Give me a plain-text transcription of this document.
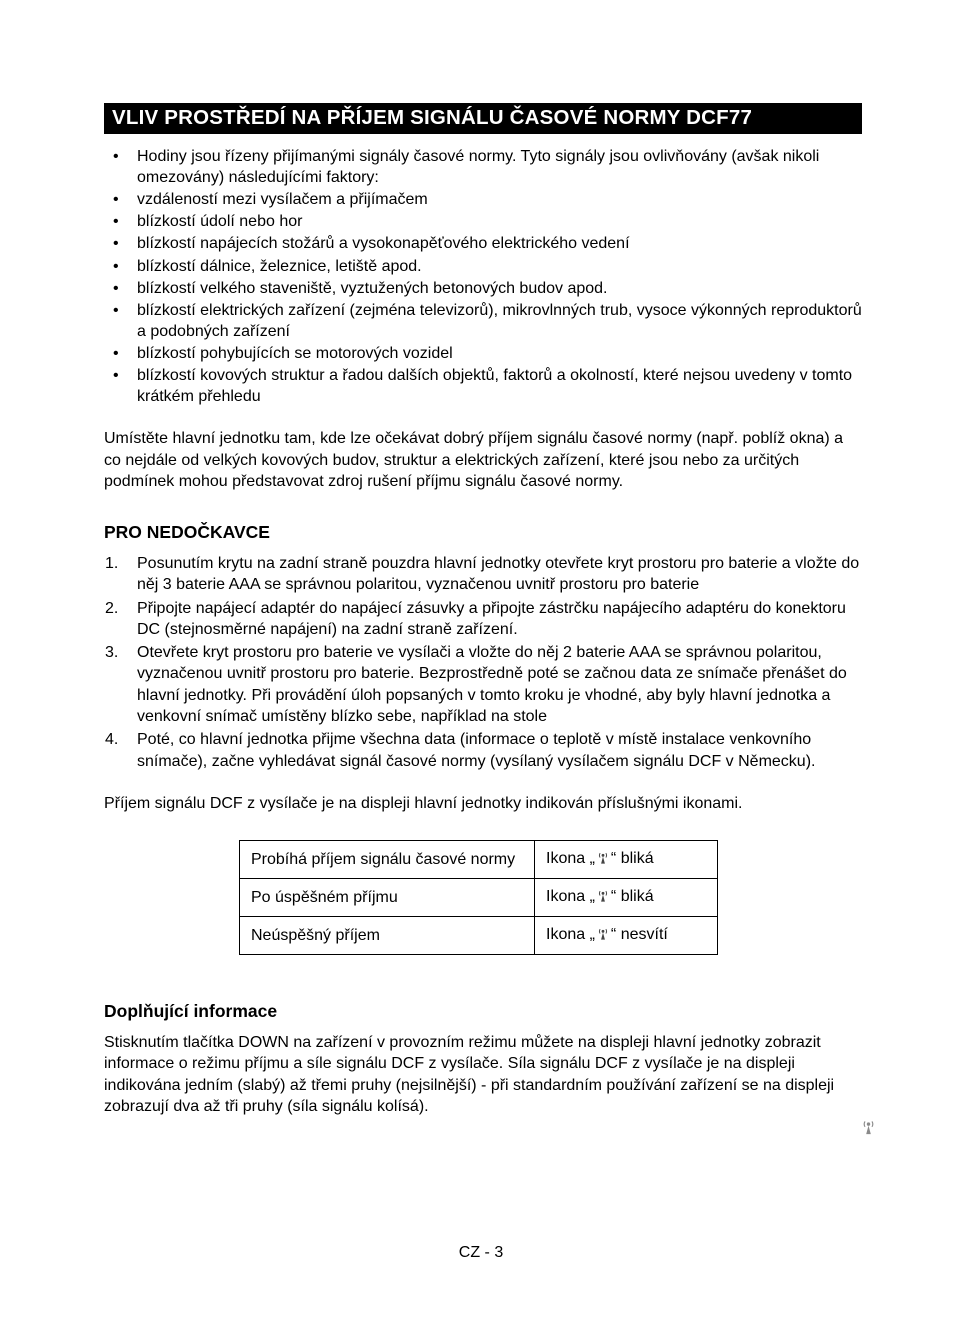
VLIV PROSTŘEDÍ NA PŘÍJEM SIGNÁLU ČASOVÉ NORMY DCF77
• Hodiny jsou řízeny přijímanými signály časové normy. Tyto signály jsou ovlivňovány (avšak nikoli omezovány) následujícími faktory:
• vzdáleností mezi vysílačem a přijímačem
• blízkostí údolí nebo hor
• blízkostí napájecích stožárů a vysokonapěťového elektrického vedení
• blízkostí dálnice, železnice, letiště apod.
• blízkostí velkého staveniště, vyztužených betonových budov apod.
• blízkostí elektrických zařízení (zejména televizorů), mikrovlnných trub, vysoce výkonných reproduktorů a podobných zařízení
• blízkostí pohybujících se motorových vozidel
• blízkostí kovových struktur a řadou dalších objektů, faktorů a okolností, které nejsou uvedeny v tomto krátkém přehledu

Umístěte hlavní jednotku tam, kde lze očekávat dobrý příjem signálu časové normy (např. poblíž okna) a co nejdále od velkých kovových budov, struktur a elektrických zařízení, které jsou nebo za určitých podmínek mohou představovat zdroj rušení příjmu signálu časové normy.

PRO NEDOČKAVCE
Posunutím krytu na zadní straně pouzdra hlavní jednotky otevřete kryt prostoru pro baterie a vložte do něj 3 baterie AAA se správnou polaritou, vyznačenou uvnitř prostoru pro baterie
Připojte napájecí adaptér do napájecí zásuvky a připojte zástrčku napájecího adaptéru do konektoru DC (stejnosměrné napájení) na zadní straně zařízení.
Otevřete kryt prostoru pro baterie ve vysílači a vložte do něj 2 baterie AAA se správnou polaritou, vyznačenou uvnitř prostoru pro baterie. Bezprostředně poté se začnou data ze snímače přenášet do hlavní jednotky. Při provádění úloh popsaných v tomto kroku je vhodné, aby byly hlavní jednotka a venkovní snímač umístěny blízko sebe, například na stole
Poté, co hlavní jednotka přijme všechna data (informace o teplotě v místě instalace venkovního snímače), začne vyhledávat signál časové normy (vysílaný vysílačem signálu DCF v Německu).

Příjem signálu DCF z vysílače je na displeji hlavní jednotky indikován příslušnými ikonami.

Probíhá příjem signálu časové normy	Ikona „ “ bliká
Po úspěšném příjmu	Ikona „ “ bliká
Neúspěšný příjem	Ikona „ “ nesvítí
Doplňující informace

Stisknutím tlačítka DOWN na zařízení v provozním režimu můžete na displeji hlavní jednotky zobrazit informace o režimu příjmu a síle signálu DCF z vysílače. Síla signálu DCF z vysílače je na displeji indikována jedním (slabý) až třemi pruhy (nejsilnější) - při standardním používání zařízení se na displeji zobrazují dva až tři pruhy (síla signálu kolísá).

CZ - 3
